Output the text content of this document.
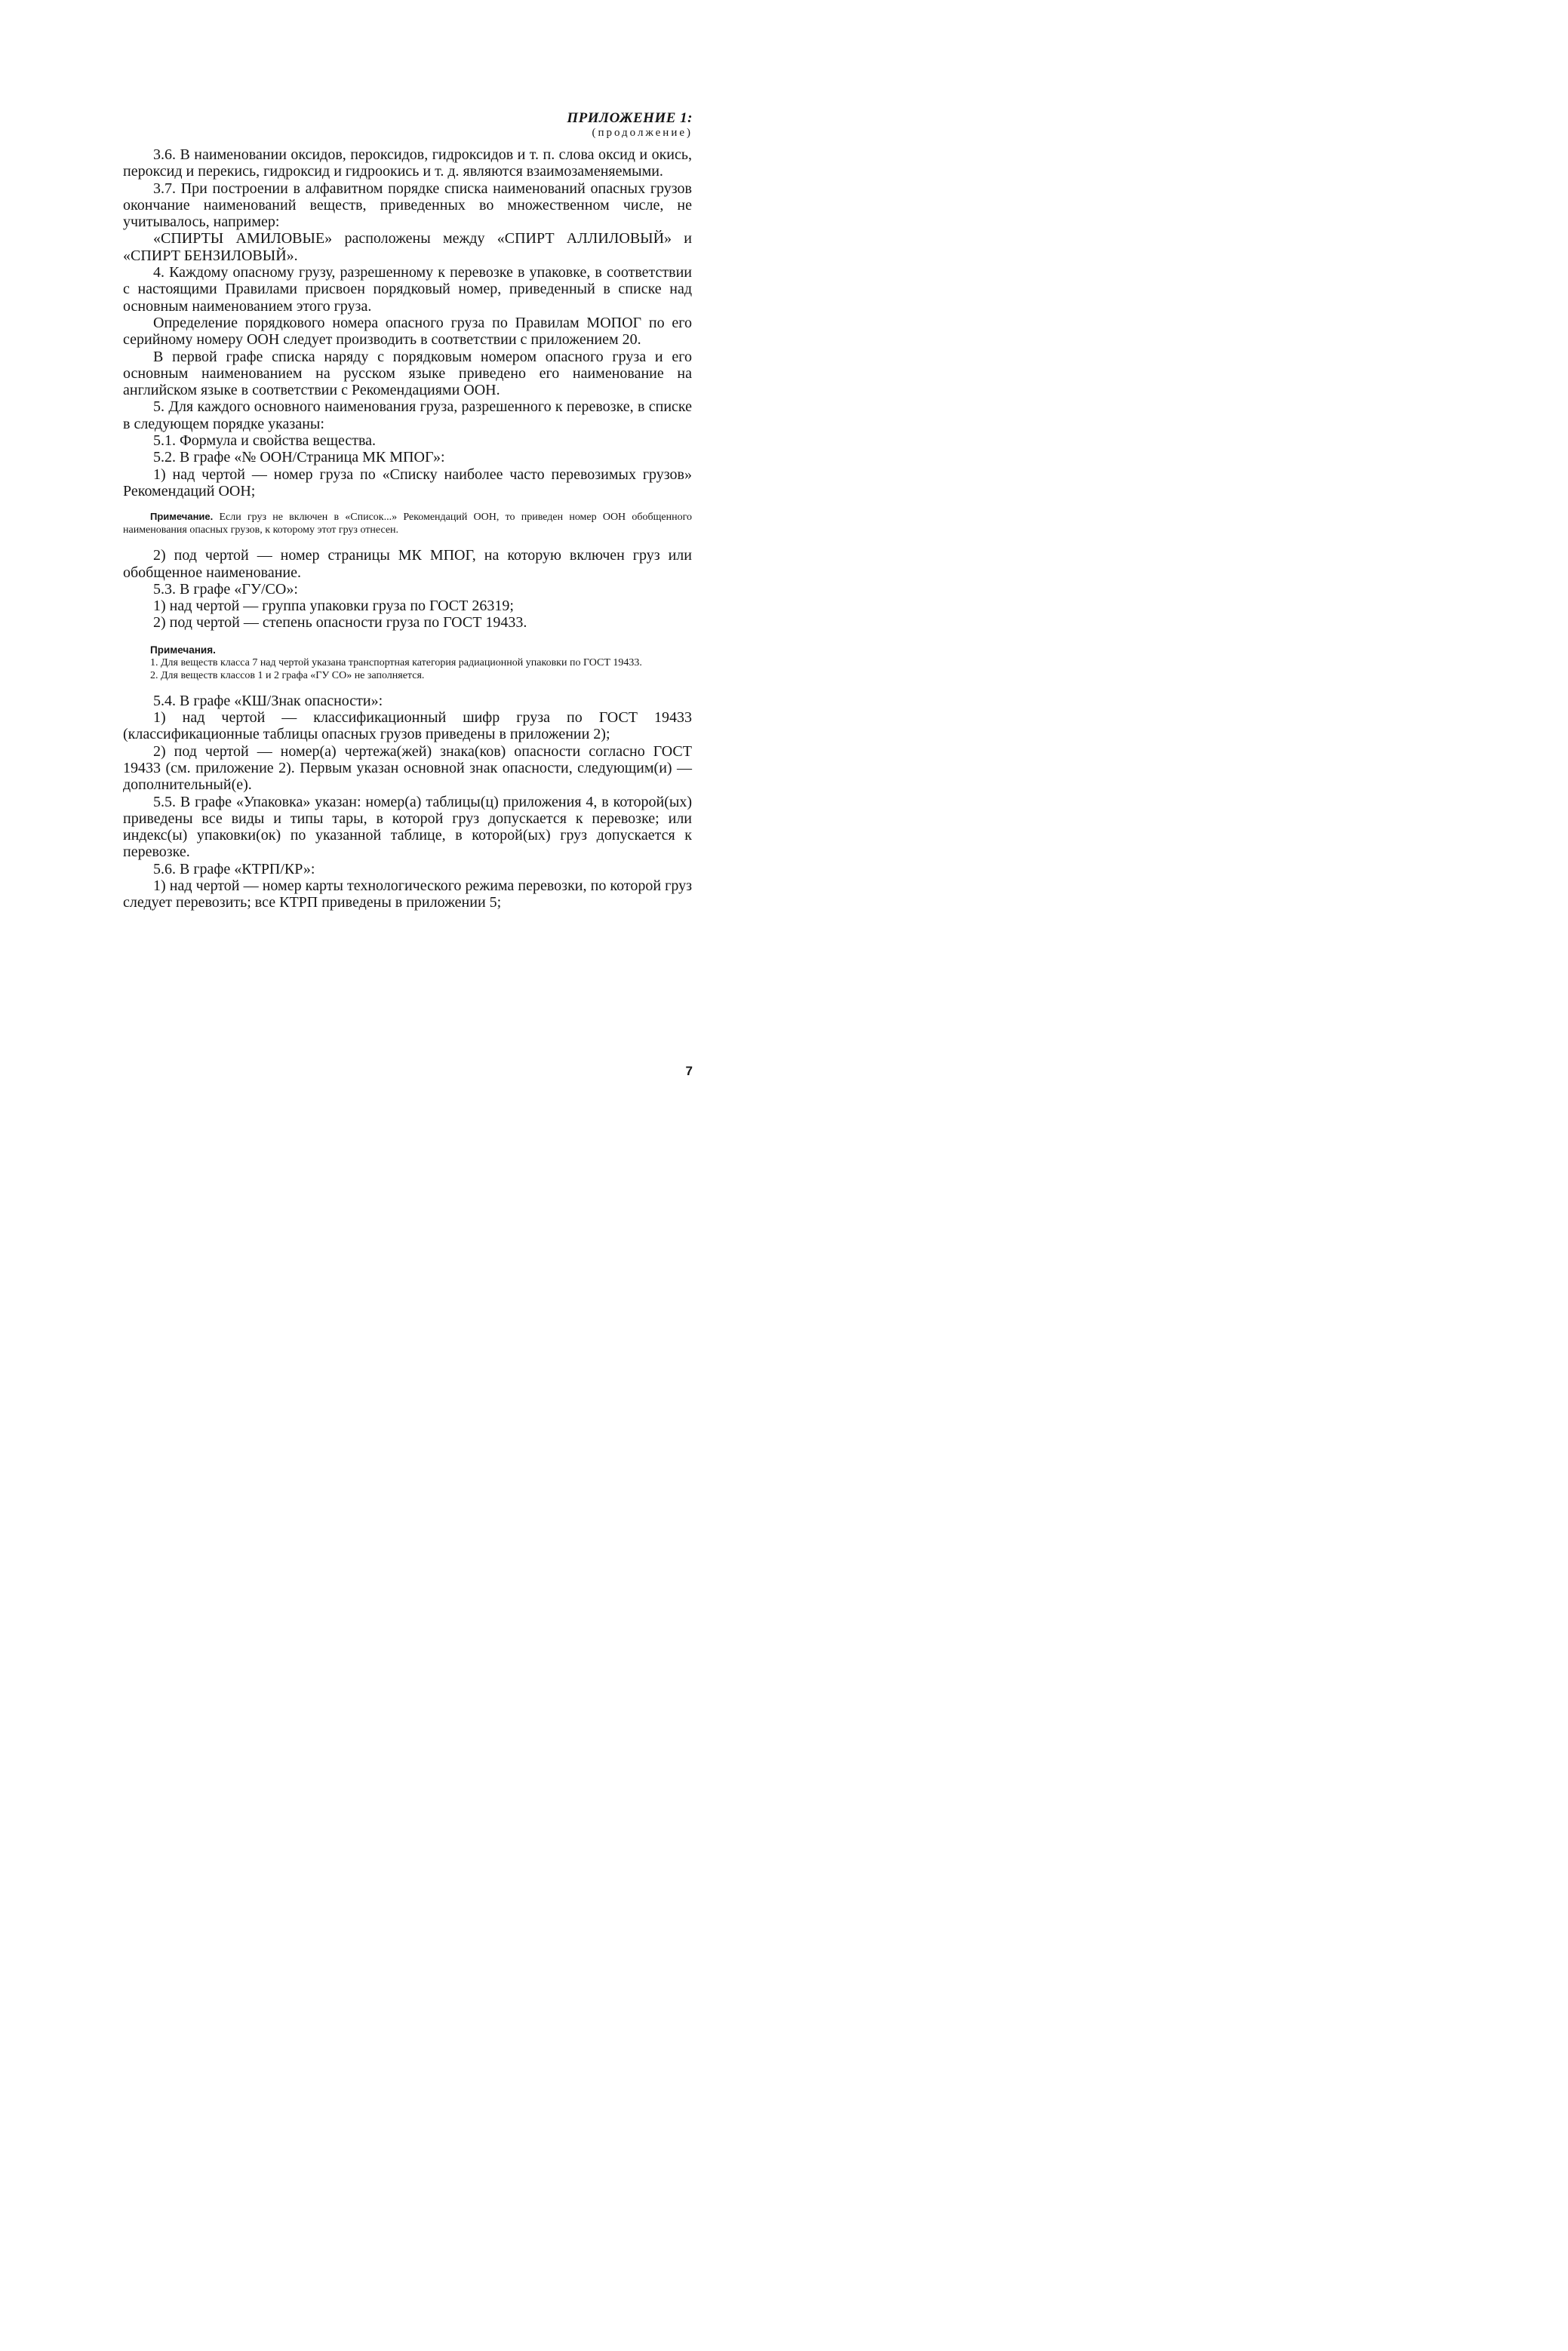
ПРИЛОЖЕНИЕ 1:
(продолжение)

3.6. В наименовании оксидов, пероксидов, гидроксидов и т. п. слова оксид и окись, пероксид и перекись, гидроксид и гидроокись и т. д. являются взаимозаменяемыми.

3.7. При построении в алфавитном порядке списка наименований опасных грузов окончание наименований веществ, приведенных во множественном числе, не учитывалось, например:

«СПИРТЫ АМИЛОВЫЕ» расположены между «СПИРТ АЛЛИЛОВЫЙ» и «СПИРТ БЕНЗИЛОВЫЙ».

4. Каждому опасному грузу, разрешенному к перевозке в упаковке, в соответствии с настоящими Правилами присвоен порядковый номер, приведенный в списке над основным наименованием этого груза.

Определение порядкового номера опасного груза по Правилам МОПОГ по его серийному номеру ООН следует производить в соответствии с приложением 20.

В первой графе списка наряду с порядковым номером опасного груза и его основным наименованием на русском языке приведено его наименование на английском языке в соответствии с Рекомендациями ООН.

5. Для каждого основного наименования груза, разрешенного к перевозке, в списке в следующем порядке указаны:

5.1. Формула и свойства вещества.

5.2. В графе «№ ООН/Страница МК МПОГ»:

1) над чертой — номер груза по «Списку наиболее часто перевозимых грузов» Рекомендаций ООН;

Примечание. Если груз не включен в «Список...» Рекомендаций ООН, то приведен номер ООН обобщенного наименования опасных грузов, к которому этот груз отнесен.

2) под чертой — номер страницы МК МПОГ, на которую включен груз или обобщенное наименование.

5.3. В графе «ГУ/СО»:

1) над чертой — группа упаковки груза по ГОСТ 26319;

2) под чертой — степень опасности груза по ГОСТ 19433.

Примечания.

1. Для веществ класса 7 над чертой указана транспортная категория радиационной упаковки по ГОСТ 19433.

2. Для веществ классов 1 и 2 графа «ГУ СО» не заполняется.

5.4. В графе «КШ/Знак опасности»:

1) над чертой — классификационный шифр груза по ГОСТ 19433 (классификационные таблицы опасных грузов приведены в приложении 2);

2) под чертой — номер(а) чертежа(жей) знака(ков) опасности согласно ГОСТ 19433 (см. приложение 2). Первым указан основной знак опасности, следующим(и) — дополнительный(е).

5.5. В графе «Упаковка» указан: номер(а) таблицы(ц) приложения 4, в которой(ых) приведены все виды и типы тары, в которой груз допускается к перевозке; или индекс(ы) упаковки(ок) по указанной таблице, в которой(ых) груз допускается к перевозке.

5.6. В графе «КТРП/КР»:

1) над чертой — номер карты технологического режима перевозки, по которой груз следует перевозить; все КТРП приведены в приложении 5;

7
